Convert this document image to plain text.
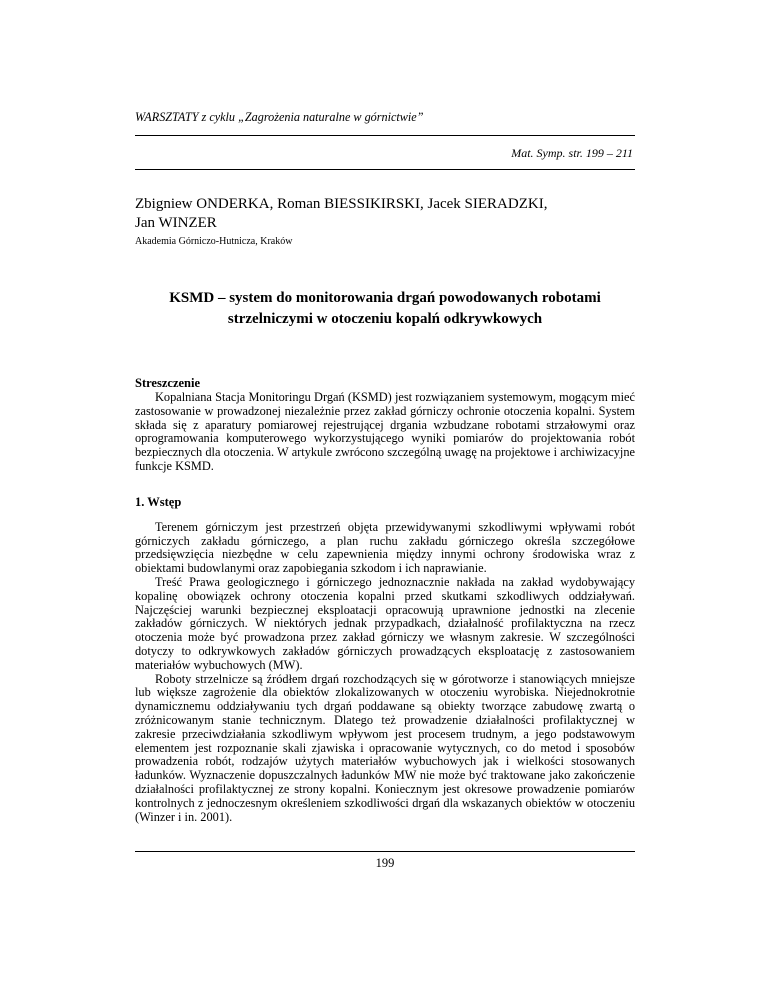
WARSZTATY z cyklu „Zagrożenia naturalne w górnictwie”
Mat. Symp. str. 199 – 211
Zbigniew ONDERKA, Roman BIESSIKIRSKI, Jacek SIERADZKI,
Jan WINZER
Akademia Górniczo-Hutnicza, Kraków
KSMD – system do monitorowania drgań powodowanych robotami strzelniczymi w otoczeniu kopalń odkrywkowych
Streszczenie

Kopalniana Stacja Monitoringu Drgań (KSMD) jest rozwiązaniem systemowym, mogącym mieć zastosowanie w prowadzonej niezależnie przez zakład górniczy ochronie otoczenia kopalni. System składa się z aparatury pomiarowej rejestrującej drgania wzbudzane robotami strzałowymi oraz oprogramowania komputerowego wykorzystującego wyniki pomiarów do projektowania robót bezpiecznych dla otoczenia. W artykule zwrócono szczególną uwagę na projektowe i archiwizacyjne funkcje KSMD.

1. Wstęp

Terenem górniczym jest przestrzeń objęta przewidywanymi szkodliwymi wpływami robót górniczych zakładu górniczego, a plan ruchu zakładu górniczego określa szczegółowe przedsięwzięcia niezbędne w celu zapewnienia między innymi ochrony środowiska wraz z obiektami budowlanymi oraz zapobiegania szkodom i ich naprawianie.

Treść Prawa geologicznego i górniczego jednoznacznie nakłada na zakład wydobywający kopalinę obowiązek ochrony otoczenia kopalni przed skutkami szkodliwych oddziaływań. Najczęściej warunki bezpiecznej eksploatacji opracowują uprawnione jednostki na zlecenie zakładów górniczych. W niektórych jednak przypadkach, działalność profilaktyczna na rzecz otoczenia może być prowadzona przez zakład górniczy we własnym zakresie. W szczególności dotyczy to odkrywkowych zakładów górniczych prowadzących eksploatację z zastosowaniem materiałów wybuchowych (MW).

Roboty strzelnicze są źródłem drgań rozchodzących się w górotworze i stanowiących mniejsze lub większe zagrożenie dla obiektów zlokalizowanych w otoczeniu wyrobiska. Niejednokrotnie dynamicznemu oddziaływaniu tych drgań poddawane są obiekty tworzące zabudowę zwartą o zróżnicowanym stanie technicznym. Dlatego też prowadzenie działalności profilaktycznej w zakresie przeciwdziałania szkodliwym wpływom jest procesem trudnym, a jego podstawowym elementem jest rozpoznanie skali zjawiska i opracowanie wytycznych, co do metod i sposobów prowadzenia robót, rodzajów użytych materiałów wybuchowych jak i wielkości stosowanych ładunków. Wyznaczenie dopuszczalnych ładunków MW nie może być traktowane jako zakończenie działalności profilaktycznej ze strony kopalni. Koniecznym jest okresowe prowadzenie pomiarów kontrolnych z jednoczesnym określeniem szkodliwości drgań dla wskazanych obiektów w otoczeniu (Winzer i in. 2001).

199
